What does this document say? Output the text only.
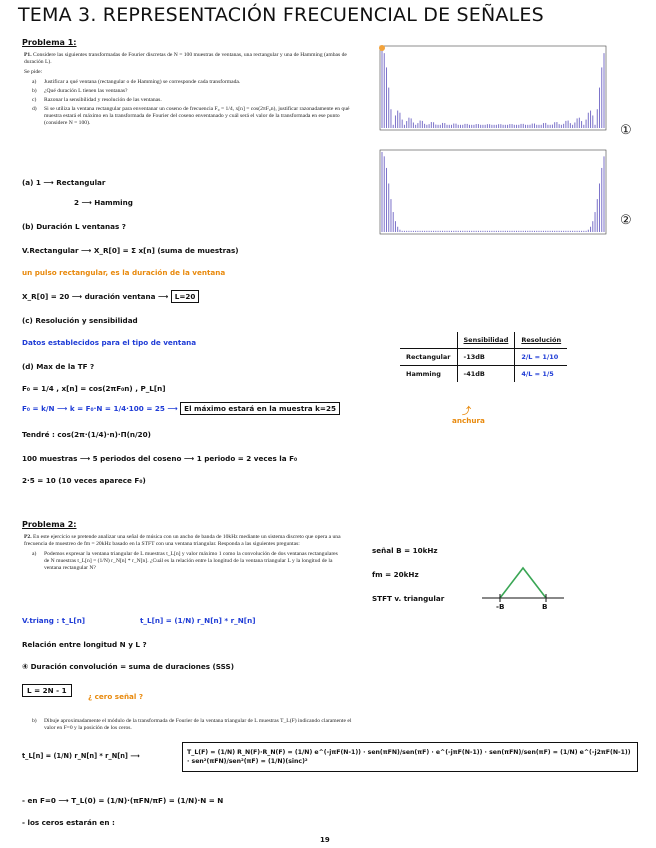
TEMA 3. REPRESENTACIÓN FRECUENCIAL DE SEÑALES
Problema 1:
P1. Considere las siguientes transformadas de Fourier discretas de N = 100 muestras de ventanas, una rectangular y una de Hamming (ambas de duración L).
Se pide:
a) Justificar a qué ventana (rectangular o de Hamming) se corresponde cada transformada.
b) ¿Qué duración L tienen las ventanas?
c) Razonar la sensibilidad y resolución de las ventanas.
d) Si se utiliza la ventana rectangular para enventanar un coseno de frecuencia F₀ = 1/4, x[n] = cos(2πF₀n), justificar razonadamente en qué muestra estará el máximo en la transformada de Fourier del coseno enventanado y cuál será el valor de la transformada en ese punto (considere N = 100).	①
②
(a) 1 ⟶ Rectangular
2 ⟶ Hamming
(b) Duración L ventanas ?
V.Rectangular ⟶ X_R[0] = Σ x[n] (suma de muestras)
un pulso rectangular, es la duración de la ventana
X_R[0] = 20 ⟶ duración ventana ⟶ L=20
(c) Resolución y sensibilidad
Datos establecidos para el tipo de ventana
(d) Max de la TF ?
F₀ = 1/4 , x[n] = cos(2πF₀n) , P_L[n]
F₀ = k/N ⟶ k = F₀·N = 1/4·100 = 25 ⟶ El máximo estará en la muestra k=25
Tendré : cos(2π·(1/4)·n)·Π(n/20)
100 muestras ⟶ 5 periodos del coseno ⟶ 1 periodo = 2 veces la F₀
2·5 = 10 (10 veces aparece F₀)
	Sensibilidad	Resolución
Rectangular	-13dB	2/L = 1/10
Hamming	-41dB	4/L = 1/5
⤴
anchura
Problema 2:
P2. En este ejercicio se pretende analizar una señal de música con un ancho de banda de 10kHz mediante un sistema discreto que opera a una frecuencia de muestreo de fm = 20kHz basado en la STFT con una ventana triangular. Responda a las siguientes preguntas:
a) Podemos expresar la ventana triangular de L muestras t_L[n] y valor máximo 1 como la convolución de dos ventanas rectangulares de N muestras t_L[n] = (1/N) r_N[n] * r_N[n]. ¿Cuál es la relación entre la longitud de la ventana triangular L y la longitud de la ventana rectangular N?
señal B = 10kHz
fm = 20kHz
STFT v. triangular
-B	B
V.triang : t_L[n]	t_L[n] = (1/N) r_N[n] * r_N[n]
Relación entre longitud N y L ?
④ Duración convolución = suma de duraciones (SSS)
L = 2N - 1
¿ cero señal ?
b) Dibuje aproximadamente el módulo de la transformada de Fourier de la ventana triangular de L muestras T_L(F) indicando claramente el valor en F=0 y la posición de los ceros.
t_L[n] = (1/N) r_N[n] * r_N[n] ⟶	T_L(F) = (1/N) R_N(F)·R_N(F) = (1/N) e^(-jπF(N-1)) · sen(πFN)/sen(πF) · e^(-jπF(N-1)) · sen(πFN)/sen(πF) = (1/N) e^(-j2πF(N-1)) · sen²(πFN)/sen²(πF) = (1/N)(sinc)²
- en F=0 ⟶ T_L(0) = (1/N)·(πFN/πF) = (1/N)·N = N
- los ceros estarán en :
19
